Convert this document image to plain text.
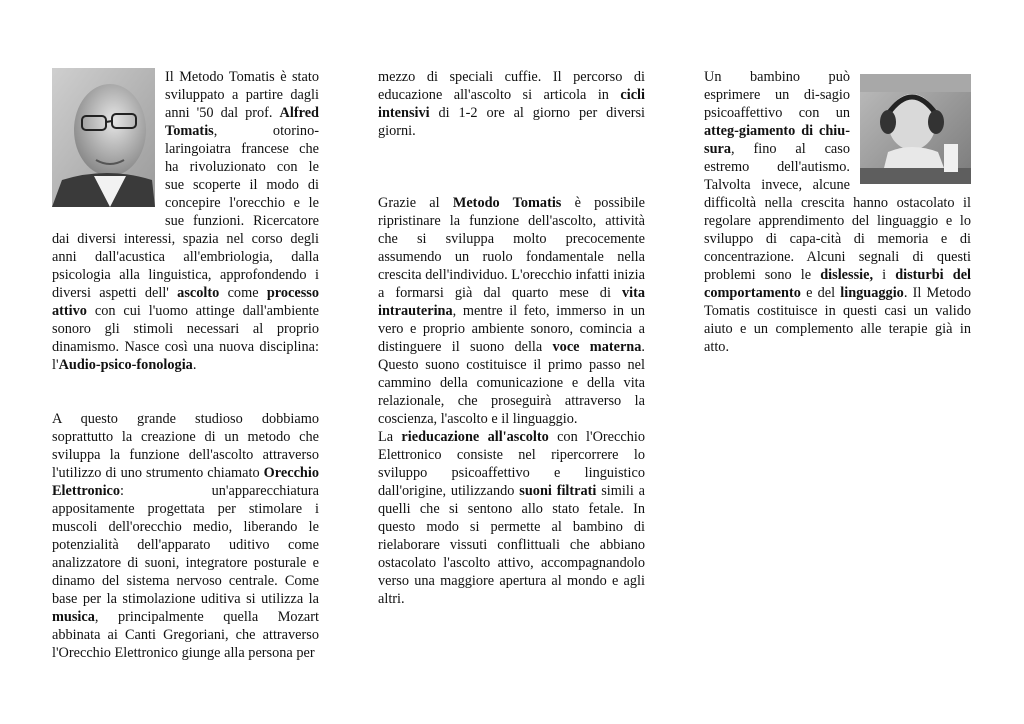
Il Metodo Tomatis è stato sviluppato a partire dagli anni '50 dal prof. Alfred Tomatis, otorino-laringoiatra francese che ha rivoluzionato con le sue scoperte il modo di concepire l'orecchio e le sue funzioni. Ricercatore dai diversi interessi, spazia nel corso degli anni dall'acustica all'embriologia, dalla psicologia alla linguistica, approfondendo i diversi aspetti dell' ascolto come processo attivo con cui l'uomo attinge dall'ambiente sonoro gli stimoli necessari al proprio dinamismo. Nasce così una nuova disciplina: l'Audio-psico-fonologia.

A questo grande studioso dobbiamo soprattutto la creazione di un metodo che sviluppa la funzione dell'ascolto attraverso l'utilizzo di uno strumento chiamato Orecchio Elettronico: un'apparecchiatura appositamente progettata per stimolare i muscoli dell'orecchio medio, liberando le potenzialità dell'apparato uditivo come analizzatore di suoni, integratore posturale e dinamo del sistema nervoso centrale. Come base per la stimolazione uditiva si utilizza la musica, principalmente quella Mozart abbinata ai Canti Gregoriani, che attraverso l'Orecchio Elettronico giunge alla persona per

mezzo di speciali cuffie. Il percorso di educazione all'ascolto si articola in cicli intensivi di 1-2 ore al giorno per diversi giorni.

Grazie al Metodo Tomatis è possibile ripristinare la funzione dell'ascolto, attività che si sviluppa molto precocemente assumendo un ruolo fondamentale nella crescita dell'individuo. L'orecchio infatti inizia a formarsi già dal quarto mese di vita intrauterina, mentre il feto, immerso in un vero e proprio ambiente sonoro, comincia a distinguere il suono della voce materna. Questo suono costituisce il primo passo nel cammino della comunicazione e della vita relazionale, che proseguirà attraverso la coscienza, l'ascolto e il linguaggio.

La rieducazione all'ascolto con l'Orecchio Elettronico consiste nel ripercorrere lo sviluppo psicoaffettivo e linguistico dall'origine, utilizzando suoni filtrati simili a quelli che si sentono allo stato fetale. In questo modo si permette al bambino di rielaborare vissuti conflittuali che abbiano ostacolato l'ascolto attivo, accompagnandolo verso una maggiore apertura al mondo e agli altri.

Un bambino può esprimere un di-sagio psicoaffettivo con un atteg-giamento di chiu-sura, fino al caso estremo dell'autismo. Talvolta invece, alcune difficoltà nella crescita hanno ostacolato il regolare apprendimento del linguaggio e lo sviluppo di capa-cità di memoria e di concentrazione. Alcuni segnali di questi problemi sono le dislessie, i disturbi del comportamento e del linguaggio. Il Metodo Tomatis costituisce in questi casi un valido aiuto e un complemento alle terapie già in atto.
